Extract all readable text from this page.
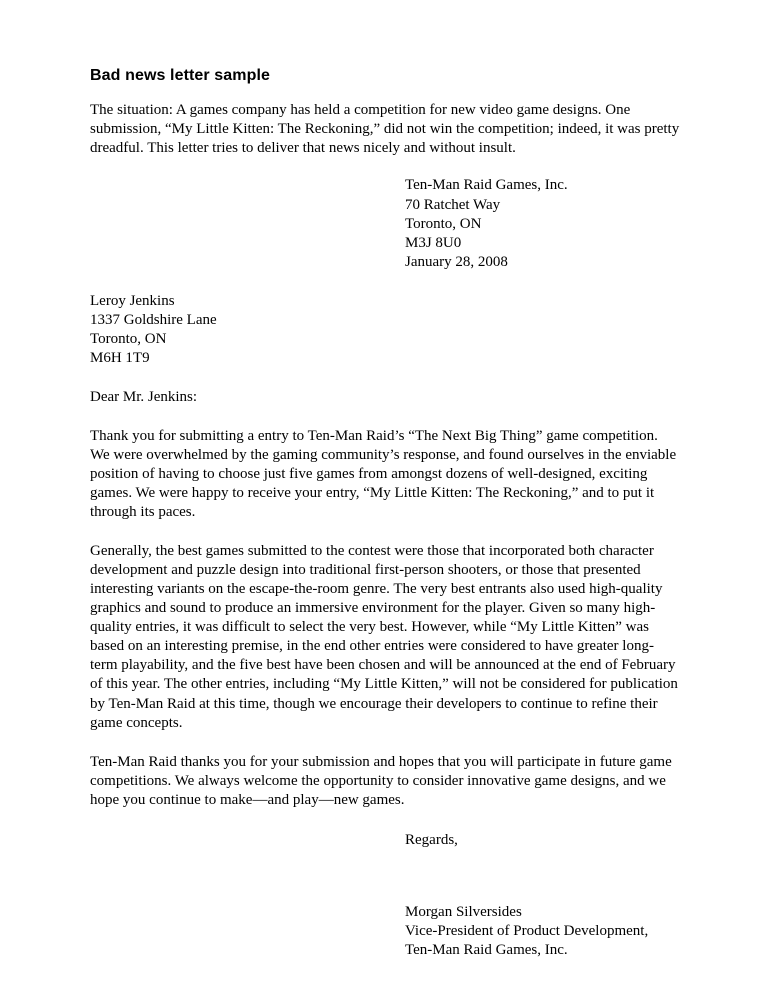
Bad news letter sample

The situation: A games company has held a competition for new video game designs. One submission, “My Little Kitten: The Reckoning,” did not win the competition; indeed, it was pretty dreadful. This letter tries to deliver that news nicely and without insult.

Ten-Man Raid Games, Inc.
70 Ratchet Way
Toronto, ON
M3J 8U0
January 28, 2008
Leroy Jenkins
1337 Goldshire Lane
Toronto, ON
M6H 1T9

Dear Mr. Jenkins:

Thank you for submitting a entry to Ten-Man Raid’s “The Next Big Thing” game competition. We were overwhelmed by the gaming community’s response, and found ourselves in the enviable position of having to choose just five games from amongst dozens of well-designed, exciting games. We were happy to receive your entry, “My Little Kitten: The Reckoning,” and to put it through its paces.

Generally, the best games submitted to the contest were those that incorporated both character development and puzzle design into traditional first-person shooters, or those that presented interesting variants on the escape-the-room genre. The very best entrants also used high-quality graphics and sound to produce an immersive environment for the player. Given so many high-quality entries, it was difficult to select the very best. However, while “My Little Kitten” was based on an interesting premise, in the end other entries were considered to have greater long-term playability, and the five best have been chosen and will be announced at the end of February of this year. The other entries, including “My Little Kitten,” will not be considered for publication by Ten-Man Raid at this time, though we encourage their developers to continue to refine their game concepts.

Ten-Man Raid thanks you for your submission and hopes that you will participate in future game competitions. We always welcome the opportunity to consider innovative game designs, and we hope you continue to make—and play—new games.

Regards,
Morgan Silversides
Vice-President of Product Development,
Ten-Man Raid Games, Inc.
